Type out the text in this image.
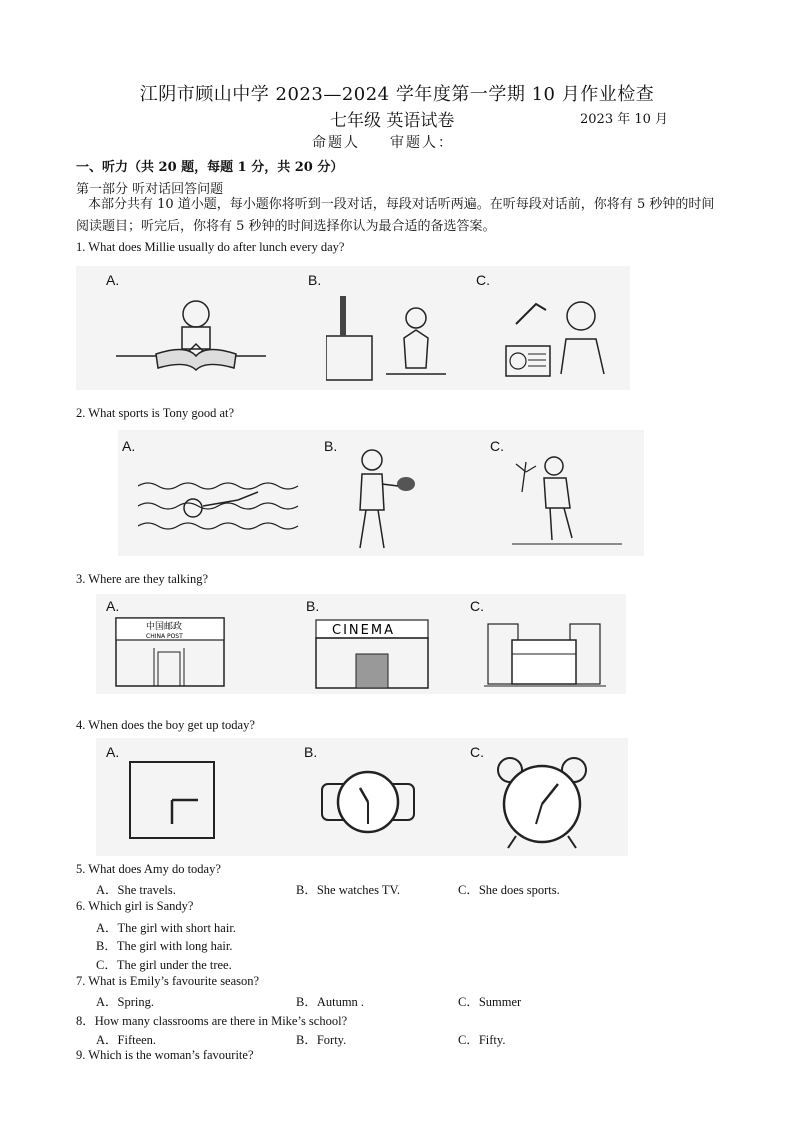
江阴市顾山中学 2023—2024 学年度第一学期 10 月作业检查
七年级 英语试卷	2023 年 10 月
命题人 审题人：
一、听力（共 20 题，每题 1 分，共 20 分）
第一部分 听对话回答问题
本部分共有 10 道小题，每小题你将听到一段对话，每段对话听两遍。在听每段对话前，你将有 5 秒钟的时间阅读题目；听完后，你将有 5 秒钟的时间选择你认为最合适的备选答案。
1. What does Millie usually do after lunch every day?
A.	B.	C.
2. What sports is Tony good at?
A.	B.	C.
3. Where are they talking?
A.	B.	C.
中国邮政
CHINA POST	CINEMA
4. When does the boy get up today?
A.	B.	C.
5. What does Amy do today?
A．She travels.	B．She watches TV.	C．She does sports.
6. Which girl is Sandy?
A．The girl with short hair.
B．The girl with long hair.
C．The girl under the tree.
7. What is Emily’s favourite season?
A．Spring.	B．Autumn .	C．Summer
8．How many classrooms are there in Mike’s school?
A．Fifteen.	B．Forty.	C．Fifty.
9. Which is the woman’s favourite?
